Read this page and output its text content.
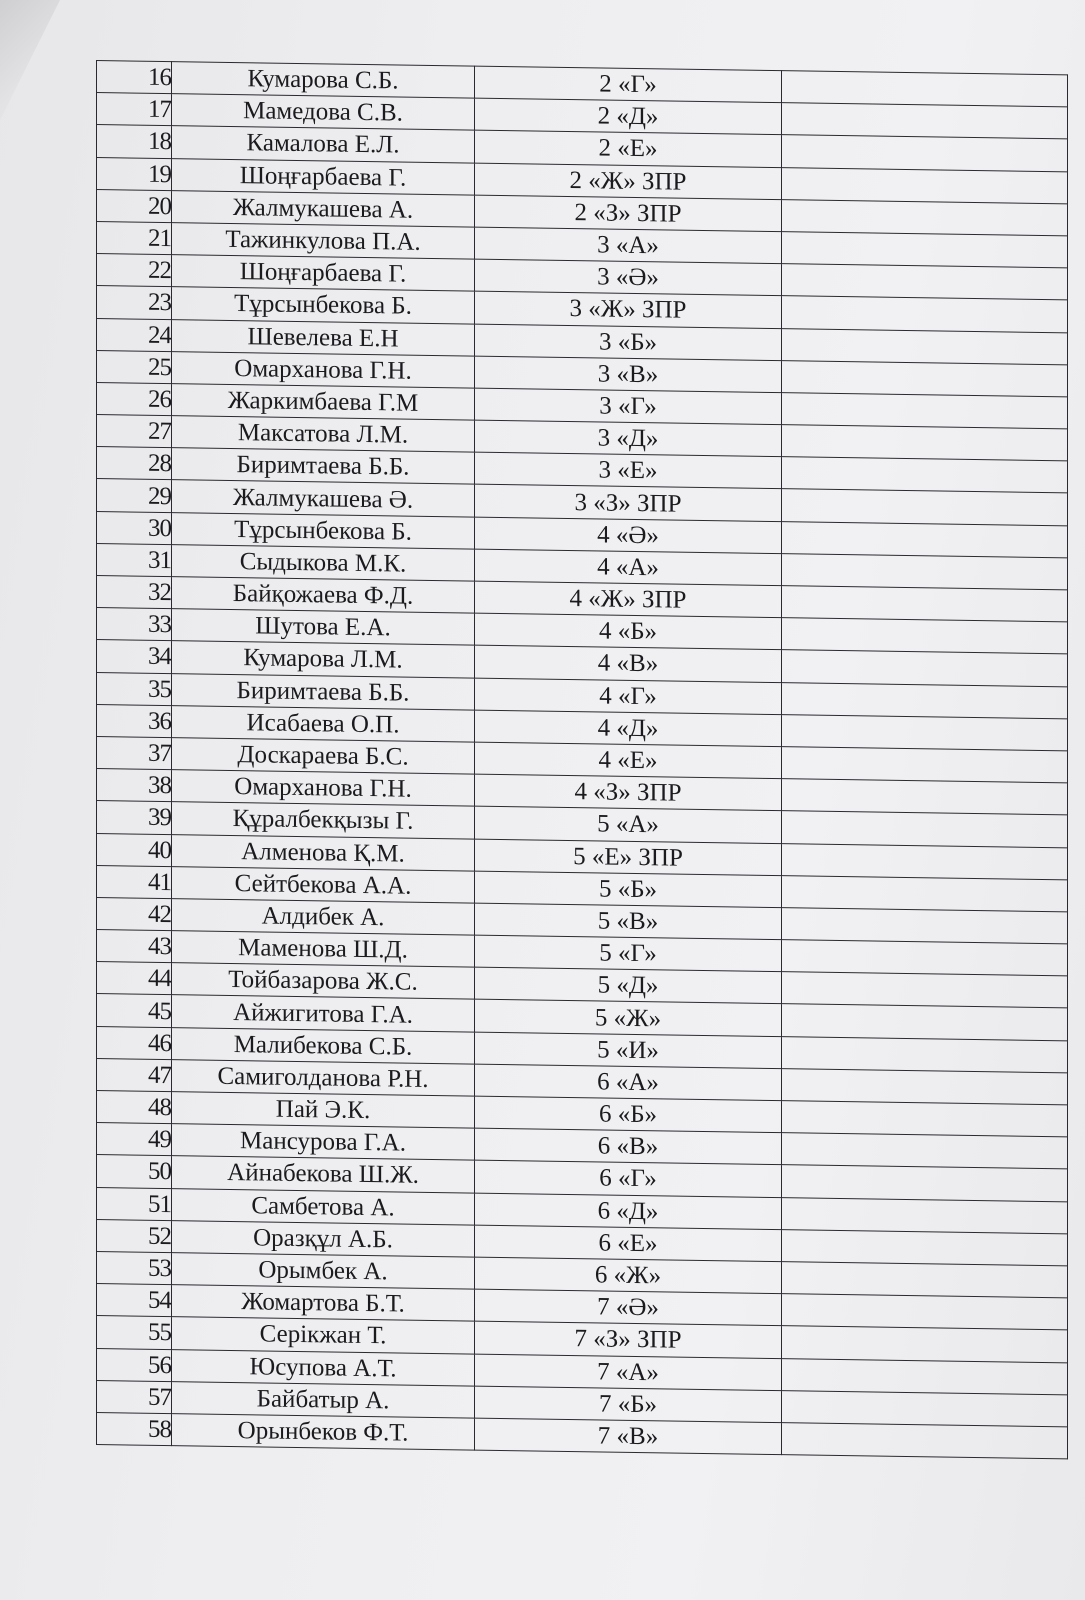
16	Кумарова С.Б.	2 «Г»	
17	Мамедова С.В.	2 «Д»	
18	Камалова Е.Л.	2 «Е»	
19	Шоңғарбаева Г.	2 «Ж» ЗПР	
20	Жалмукашева А.	2 «З» ЗПР	
21	Тажинкулова П.А.	3 «А»	
22	Шоңғарбаева Г.	3 «Ә»	
23	Тұрсынбекова Б.	3 «Ж» ЗПР	
24	Шевелева Е.Н	3 «Б»	
25	Омарханова Г.Н.	3 «В»	
26	Жаркимбаева Г.М	3 «Г»	
27	Максатова Л.М.	3 «Д»	
28	Биримтаева Б.Б.	3 «Е»	
29	Жалмукашева Ә.	3 «З» ЗПР	
30	Тұрсынбекова Б.	4 «Ә»	
31	Сыдыкова М.К.	4 «А»	
32	Байқожаева Ф.Д.	4 «Ж» ЗПР	
33	Шутова Е.А.	4 «Б»	
34	Кумарова Л.М.	4 «В»	
35	Биримтаева Б.Б.	4 «Г»	
36	Исабаева О.П.	4 «Д»	
37	Доскараева Б.С.	4 «Е»	
38	Омарханова Г.Н.	4 «З» ЗПР	
39	Құралбекқызы Г.	5 «А»	
40	Алменова Қ.М.	5 «Е» ЗПР	
41	Сейтбекова А.А.	5 «Б»	
42	Алдибек А.	5 «В»	
43	Маменова Ш.Д.	5 «Г»	
44	Тойбазарова Ж.С.	5 «Д»	
45	Айжигитова Г.А.	5 «Ж»	
46	Малибекова С.Б.	5 «И»	
47	Самиголданова Р.Н.	6 «А»	
48	Пай Э.К.	6 «Б»	
49	Мансурова Г.А.	6 «В»	
50	Айнабекова Ш.Ж.	6 «Г»	
51	Самбетова А.	6 «Д»	
52	Оразқұл А.Б.	6 «Е»	
53	Орымбек А.	6 «Ж»	
54	Жомартова Б.Т.	7 «Ә»	
55	Серікжан Т.	7 «З» ЗПР	
56	Юсупова А.Т.	7 «А»	
57	Байбатыр А.	7 «Б»	
58	Орынбеков Ф.Т.	7 «В»	
